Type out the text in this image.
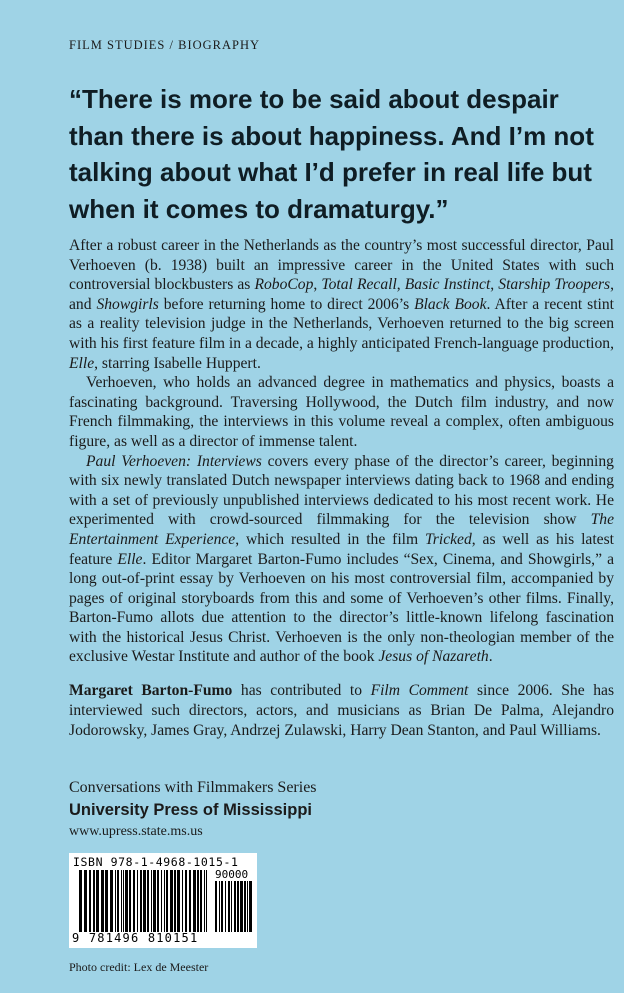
FILM STUDIES / BIOGRAPHY
“There is more to be said about despair than there is about happiness. And I’m not talking about what I’d prefer in real life but when it comes to dramaturgy.”

After a robust career in the Netherlands as the country’s most successful director, Paul Verhoeven (b. 1938) built an impressive career in the United States with such controversial blockbusters as RoboCop, Total Recall, Basic Instinct, Starship Troopers, and Showgirls before returning home to direct 2006’s Black Book. After a recent stint as a reality television judge in the Netherlands, Verhoeven returned to the big screen with his first feature film in a decade, a highly anticipated French-language production, Elle, starring Isabelle Huppert.

Verhoeven, who holds an advanced degree in mathematics and physics, boasts a fascinating background. Traversing Hollywood, the Dutch film industry, and now French filmmaking, the interviews in this volume reveal a complex, often ambiguous figure, as well as a director of immense talent.

Paul Verhoeven: Interviews covers every phase of the director’s career, beginning with six newly translated Dutch newspaper interviews dating back to 1968 and ending with a set of previously unpublished interviews dedicated to his most recent work. He experimented with crowd-sourced filmmaking for the television show The Entertainment Experience, which resulted in the film Tricked, as well as his latest feature Elle. Editor Margaret Barton-Fumo includes “Sex, Cinema, and Showgirls,” a long out-of-print essay by Verhoeven on his most controversial film, accompanied by pages of original storyboards from this and some of Verhoeven’s other films. Finally, Barton-Fumo allots due attention to the director’s little-known lifelong fascination with the historical Jesus Christ. Verhoeven is the only non-theologian member of the exclusive Westar Institute and author of the book Jesus of Nazareth.

Margaret Barton-Fumo has contributed to Film Comment since 2006. She has interviewed such directors, actors, and musicians as Brian De Palma, Alejandro Jodorowsky, James Gray, Andrzej Zulawski, Harry Dean Stanton, and Paul Williams.
Conversations with Filmmakers Series
University Press of Mississippi
www.upress.state.ms.us
ISBN 978-1-4968-1015-1
90000
9 781496 810151
Photo credit: Lex de Meester
